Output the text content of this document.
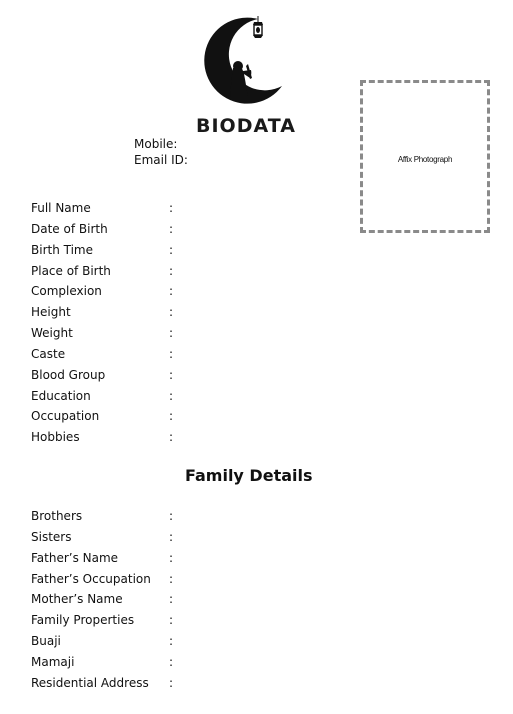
BIODATA
Mobile:
Email ID:	Affix Photograph
Full Name	:
Date of Birth	:
Birth Time	:
Place of Birth	:
Complexion	:
Height	:
Weight	:
Caste	:
Blood Group	:
Education	:
Occupation	:
Hobbies	:
Family Details
Brothers	:
Sisters	:
Father’s Name	:
Father’s Occupation :
Mother’s Name	:
Family Properties	:
Buaji	:
Mamaji	:
Residential Address :
